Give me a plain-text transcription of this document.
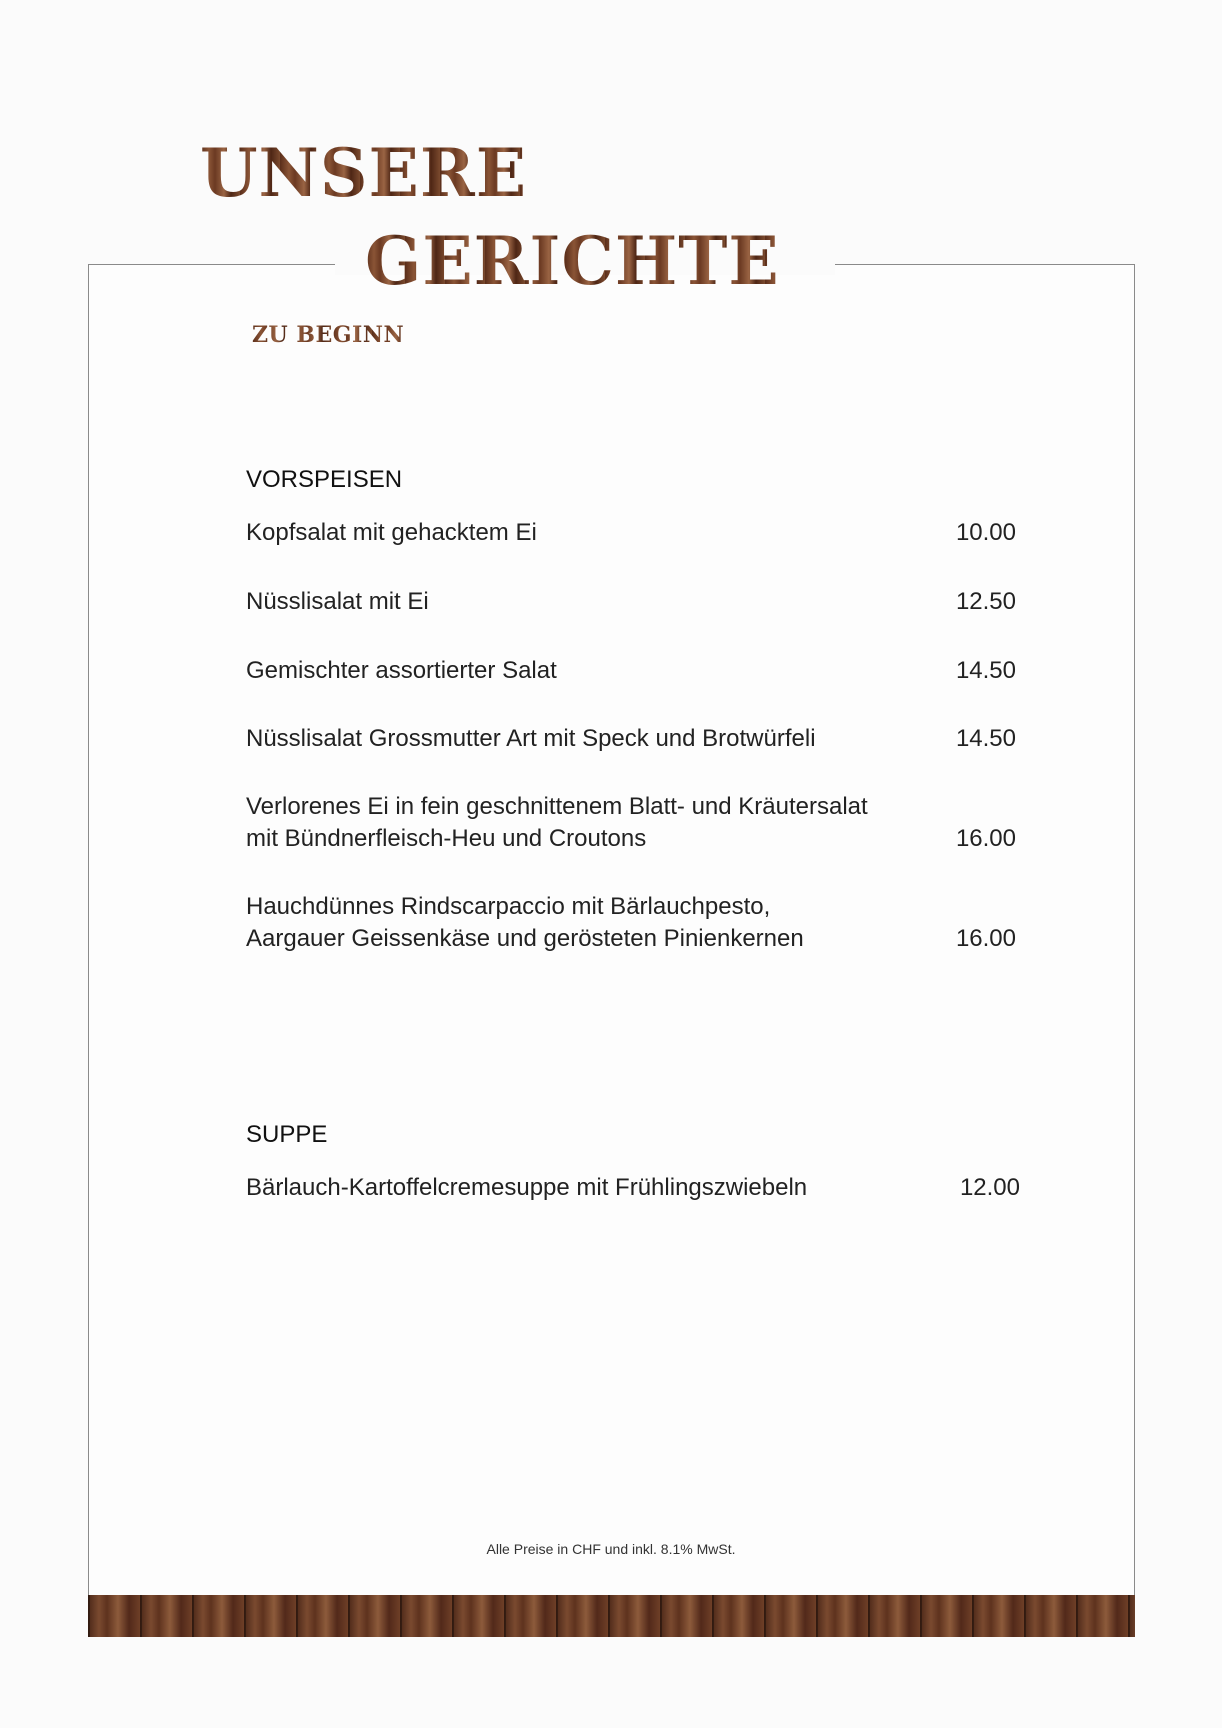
UNSERE
GERICHTE
ZU BEGINN
VORSPEISEN
Kopfsalat mit gehacktem Ei	10.00
Nüsslisalat mit Ei	12.50
Gemischter assortierter Salat	14.50
Nüsslisalat Grossmutter Art mit Speck und Brotwürfeli	14.50
Verlorenes Ei in fein geschnittenem Blatt- und Kräutersalat
mit Bündnerfleisch-Heu und Croutons	16.00
Hauchdünnes Rindscarpaccio mit Bärlauchpesto,
Aargauer Geissenkäse und gerösteten Pinienkernen	16.00
SUPPE
Bärlauch-Kartoffelcremesuppe mit Frühlingszwiebeln	12.00
Alle Preise in CHF und inkl. 8.1% MwSt.
